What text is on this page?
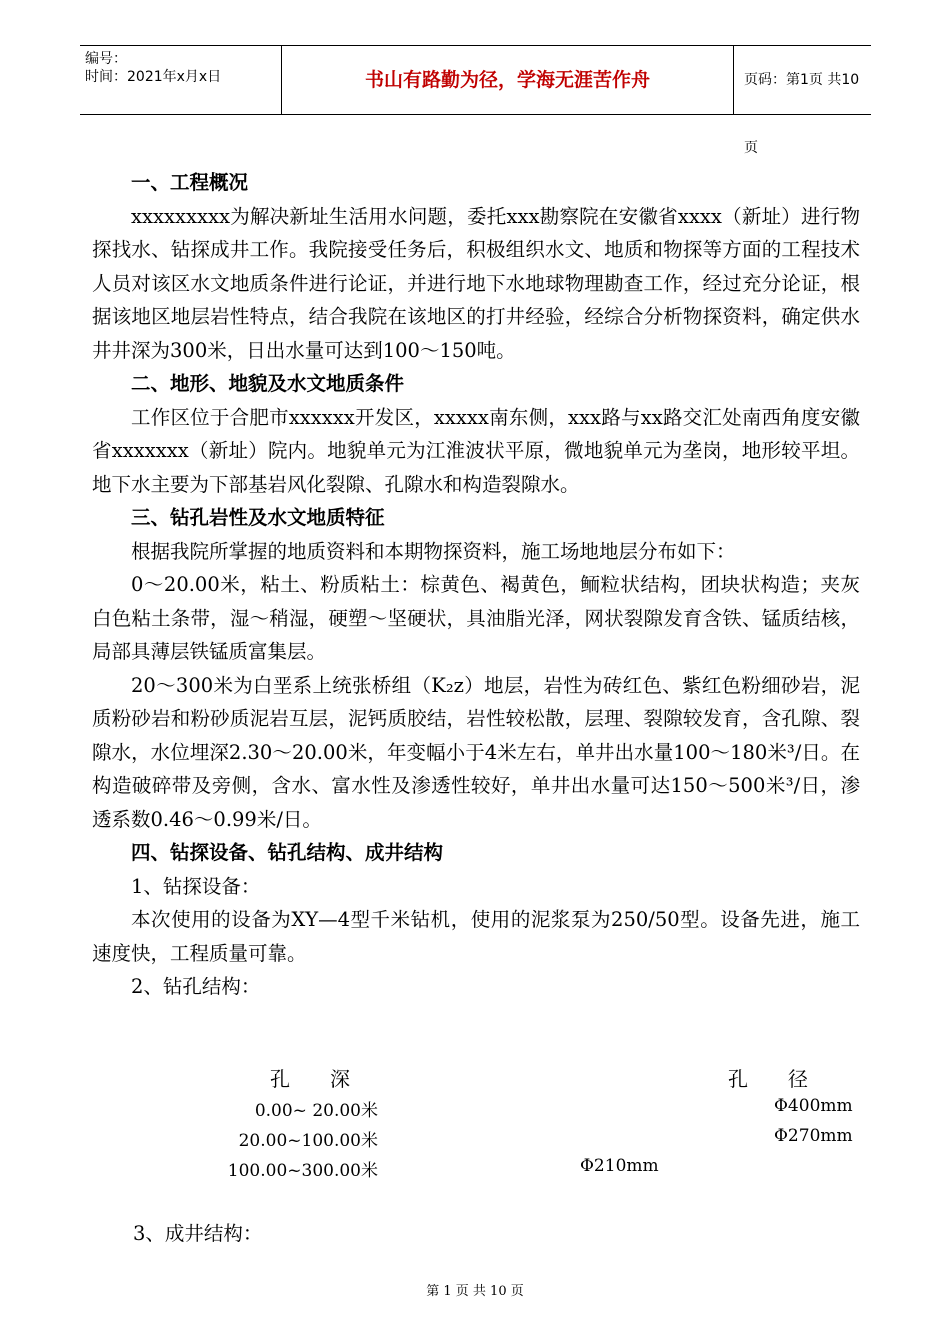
编号：
时间：2021年x月x日	书山有路勤为径，学海无涯苦作舟	页码：第1页 共10页
一、工程概况

xxxxxxxxx为解决新址生活用水问题，委托xxx勘察院在安徽省xxxx（新址）进行物探找水、钻探成井工作。我院接受任务后，积极组织水文、地质和物探等方面的工程技术人员对该区水文地质条件进行论证，并进行地下水地球物理勘查工作，经过充分论证，根据该地区地层岩性特点，结合我院在该地区的打井经验，经综合分析物探资料，确定供水井井深为300米，日出水量可达到100～150吨。

二、地形、地貌及水文地质条件

工作区位于合肥市xxxxxx开发区，xxxxx南东侧，xxx路与xx路交汇处南西角度安徽省xxxxxxx（新址）院内。地貌单元为江淮波状平原，微地貌单元为垄岗，地形较平坦。地下水主要为下部基岩风化裂隙、孔隙水和构造裂隙水。

三、钻孔岩性及水文地质特征

根据我院所掌握的地质资料和本期物探资料，施工场地地层分布如下：

0～20.00米，粘土、粉质粘土：棕黄色、褐黄色，鲕粒状结构，团块状构造；夹灰白色粘土条带，湿～稍湿，硬塑～坚硬状，具油脂光泽，网状裂隙发育含铁、锰质结核，局部具薄层铁锰质富集层。

20～300米为白垩系上统张桥组（K₂z）地层，岩性为砖红色、紫红色粉细砂岩，泥质粉砂岩和粉砂质泥岩互层，泥钙质胶结，岩性较松散，层理、裂隙较发育，含孔隙、裂隙水，水位埋深2.30～20.00米，年变幅小于4米左右，单井出水量100～180米³/日。在构造破碎带及旁侧，含水、富水性及渗透性较好，单井出水量可达150～500米³/日，渗透系数0.46～0.99米/日。

四、钻探设备、钻孔结构、成井结构

1、钻探设备：

本次使用的设备为XY—4型千米钻机，使用的泥浆泵为250/50型。设备先进，施工速度快，工程质量可靠。

2、钻孔结构：

孔　　深	孔　　径
0.00~ 20.00米	Φ400mm
20.00~100.00米	Φ270mm
100.00~300.00米	Φ210mm
3、成井结构：
第 1 页 共 10 页
